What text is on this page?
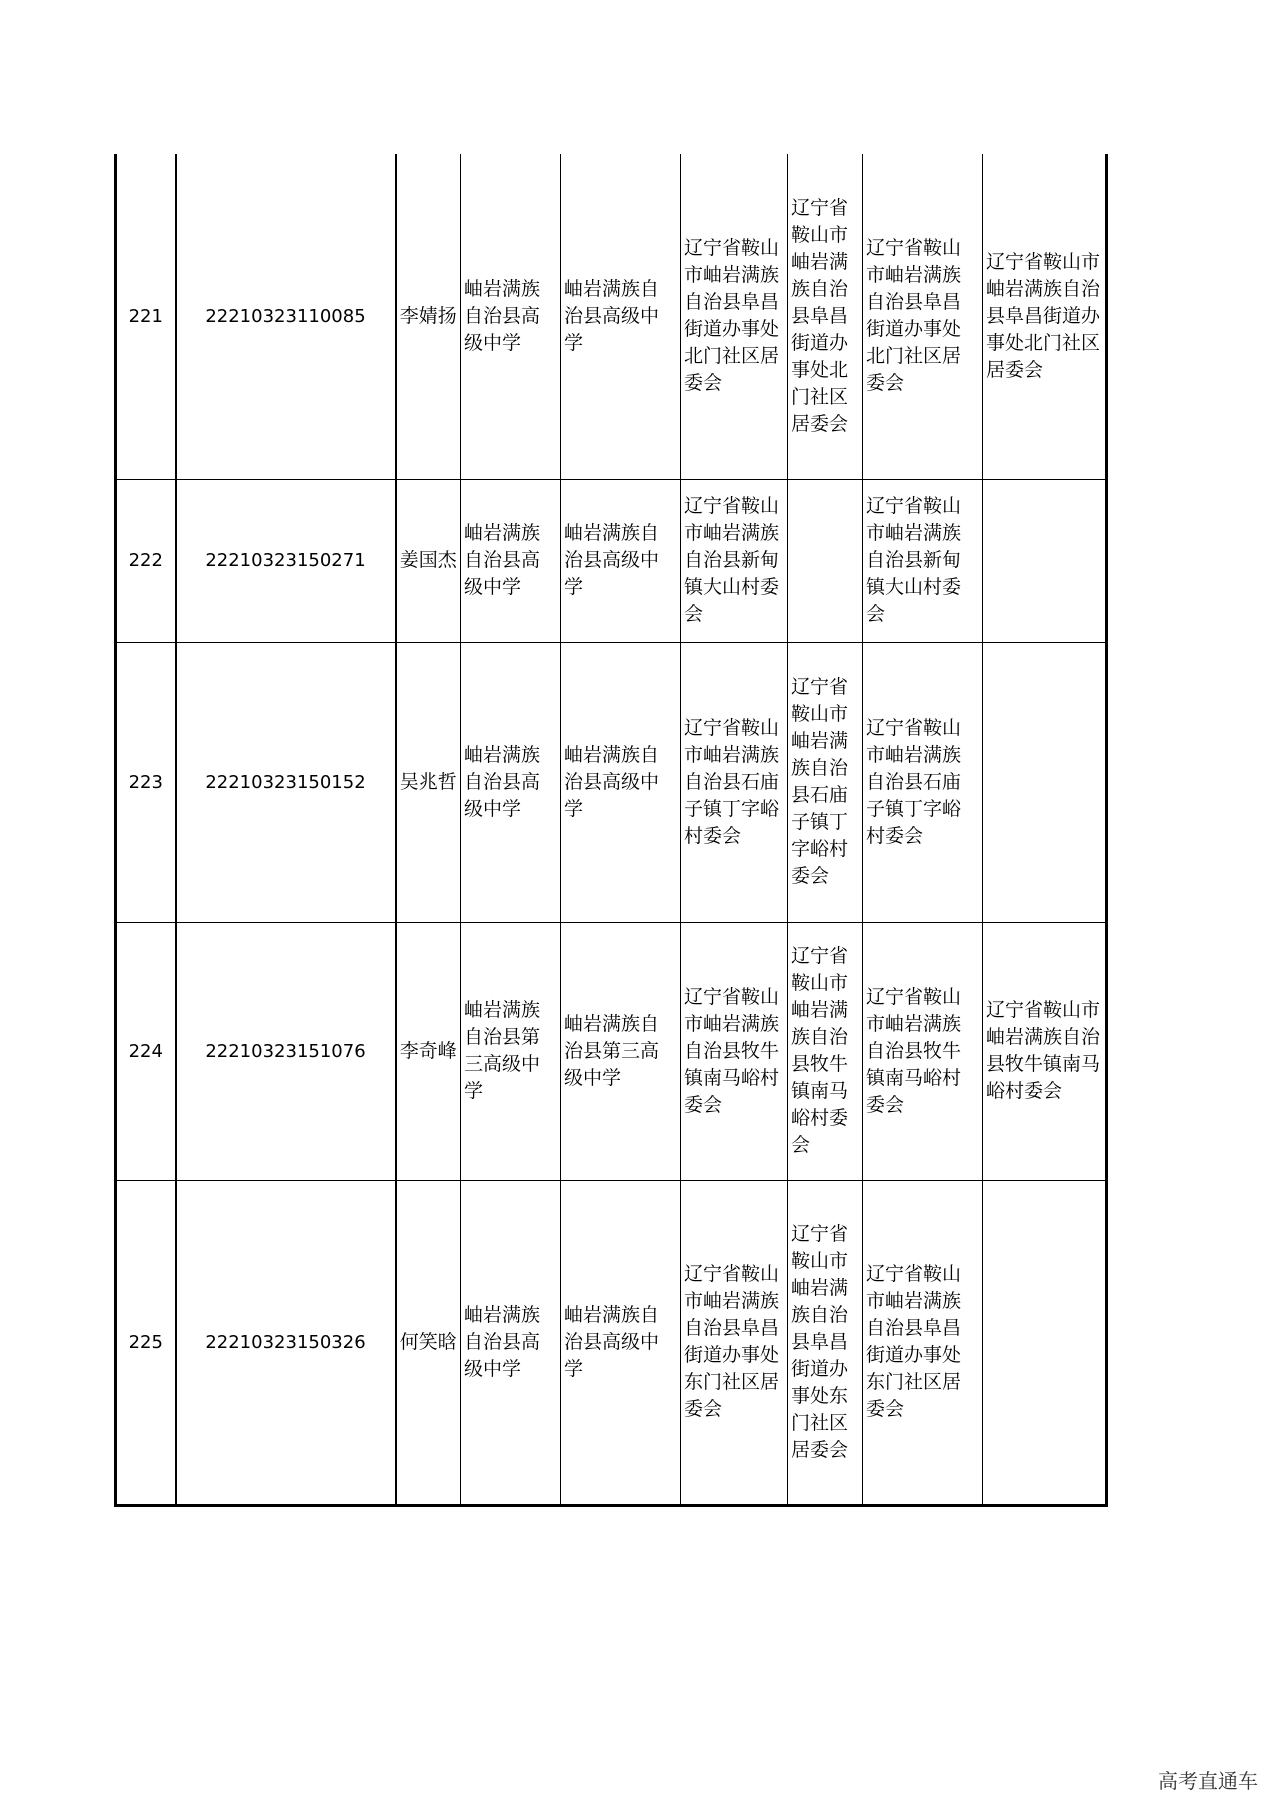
221	22210323110085	李婧扬	岫岩满族自治县高级中学	岫岩满族自治县高级中学	辽宁省鞍山市岫岩满族自治县阜昌街道办事处北门社区居委会	辽宁省鞍山市岫岩满族自治县阜昌街道办事处北门社区居委会	辽宁省鞍山市岫岩满族自治县阜昌街道办事处北门社区居委会	辽宁省鞍山市岫岩满族自治县阜昌街道办事处北门社区居委会
222	22210323150271	姜国杰	岫岩满族自治县高级中学	岫岩满族自治县高级中学	辽宁省鞍山市岫岩满族自治县新甸镇大山村委会		辽宁省鞍山市岫岩满族自治县新甸镇大山村委会	
223	22210323150152	吴兆哲	岫岩满族自治县高级中学	岫岩满族自治县高级中学	辽宁省鞍山市岫岩满族自治县石庙子镇丁字峪村委会	辽宁省鞍山市岫岩满族自治县石庙子镇丁字峪村委会	辽宁省鞍山市岫岩满族自治县石庙子镇丁字峪村委会	
224	22210323151076	李奇峰	岫岩满族自治县第三高级中学	岫岩满族自治县第三高级中学	辽宁省鞍山市岫岩满族自治县牧牛镇南马峪村委会	辽宁省鞍山市岫岩满族自治县牧牛镇南马峪村委会	辽宁省鞍山市岫岩满族自治县牧牛镇南马峪村委会	辽宁省鞍山市岫岩满族自治县牧牛镇南马峪村委会
225	22210323150326	何笑晗	岫岩满族自治县高级中学	岫岩满族自治县高级中学	辽宁省鞍山市岫岩满族自治县阜昌街道办事处东门社区居委会	辽宁省鞍山市岫岩满族自治县阜昌街道办事处东门社区居委会	辽宁省鞍山市岫岩满族自治县阜昌街道办事处东门社区居委会	
高考直通车
